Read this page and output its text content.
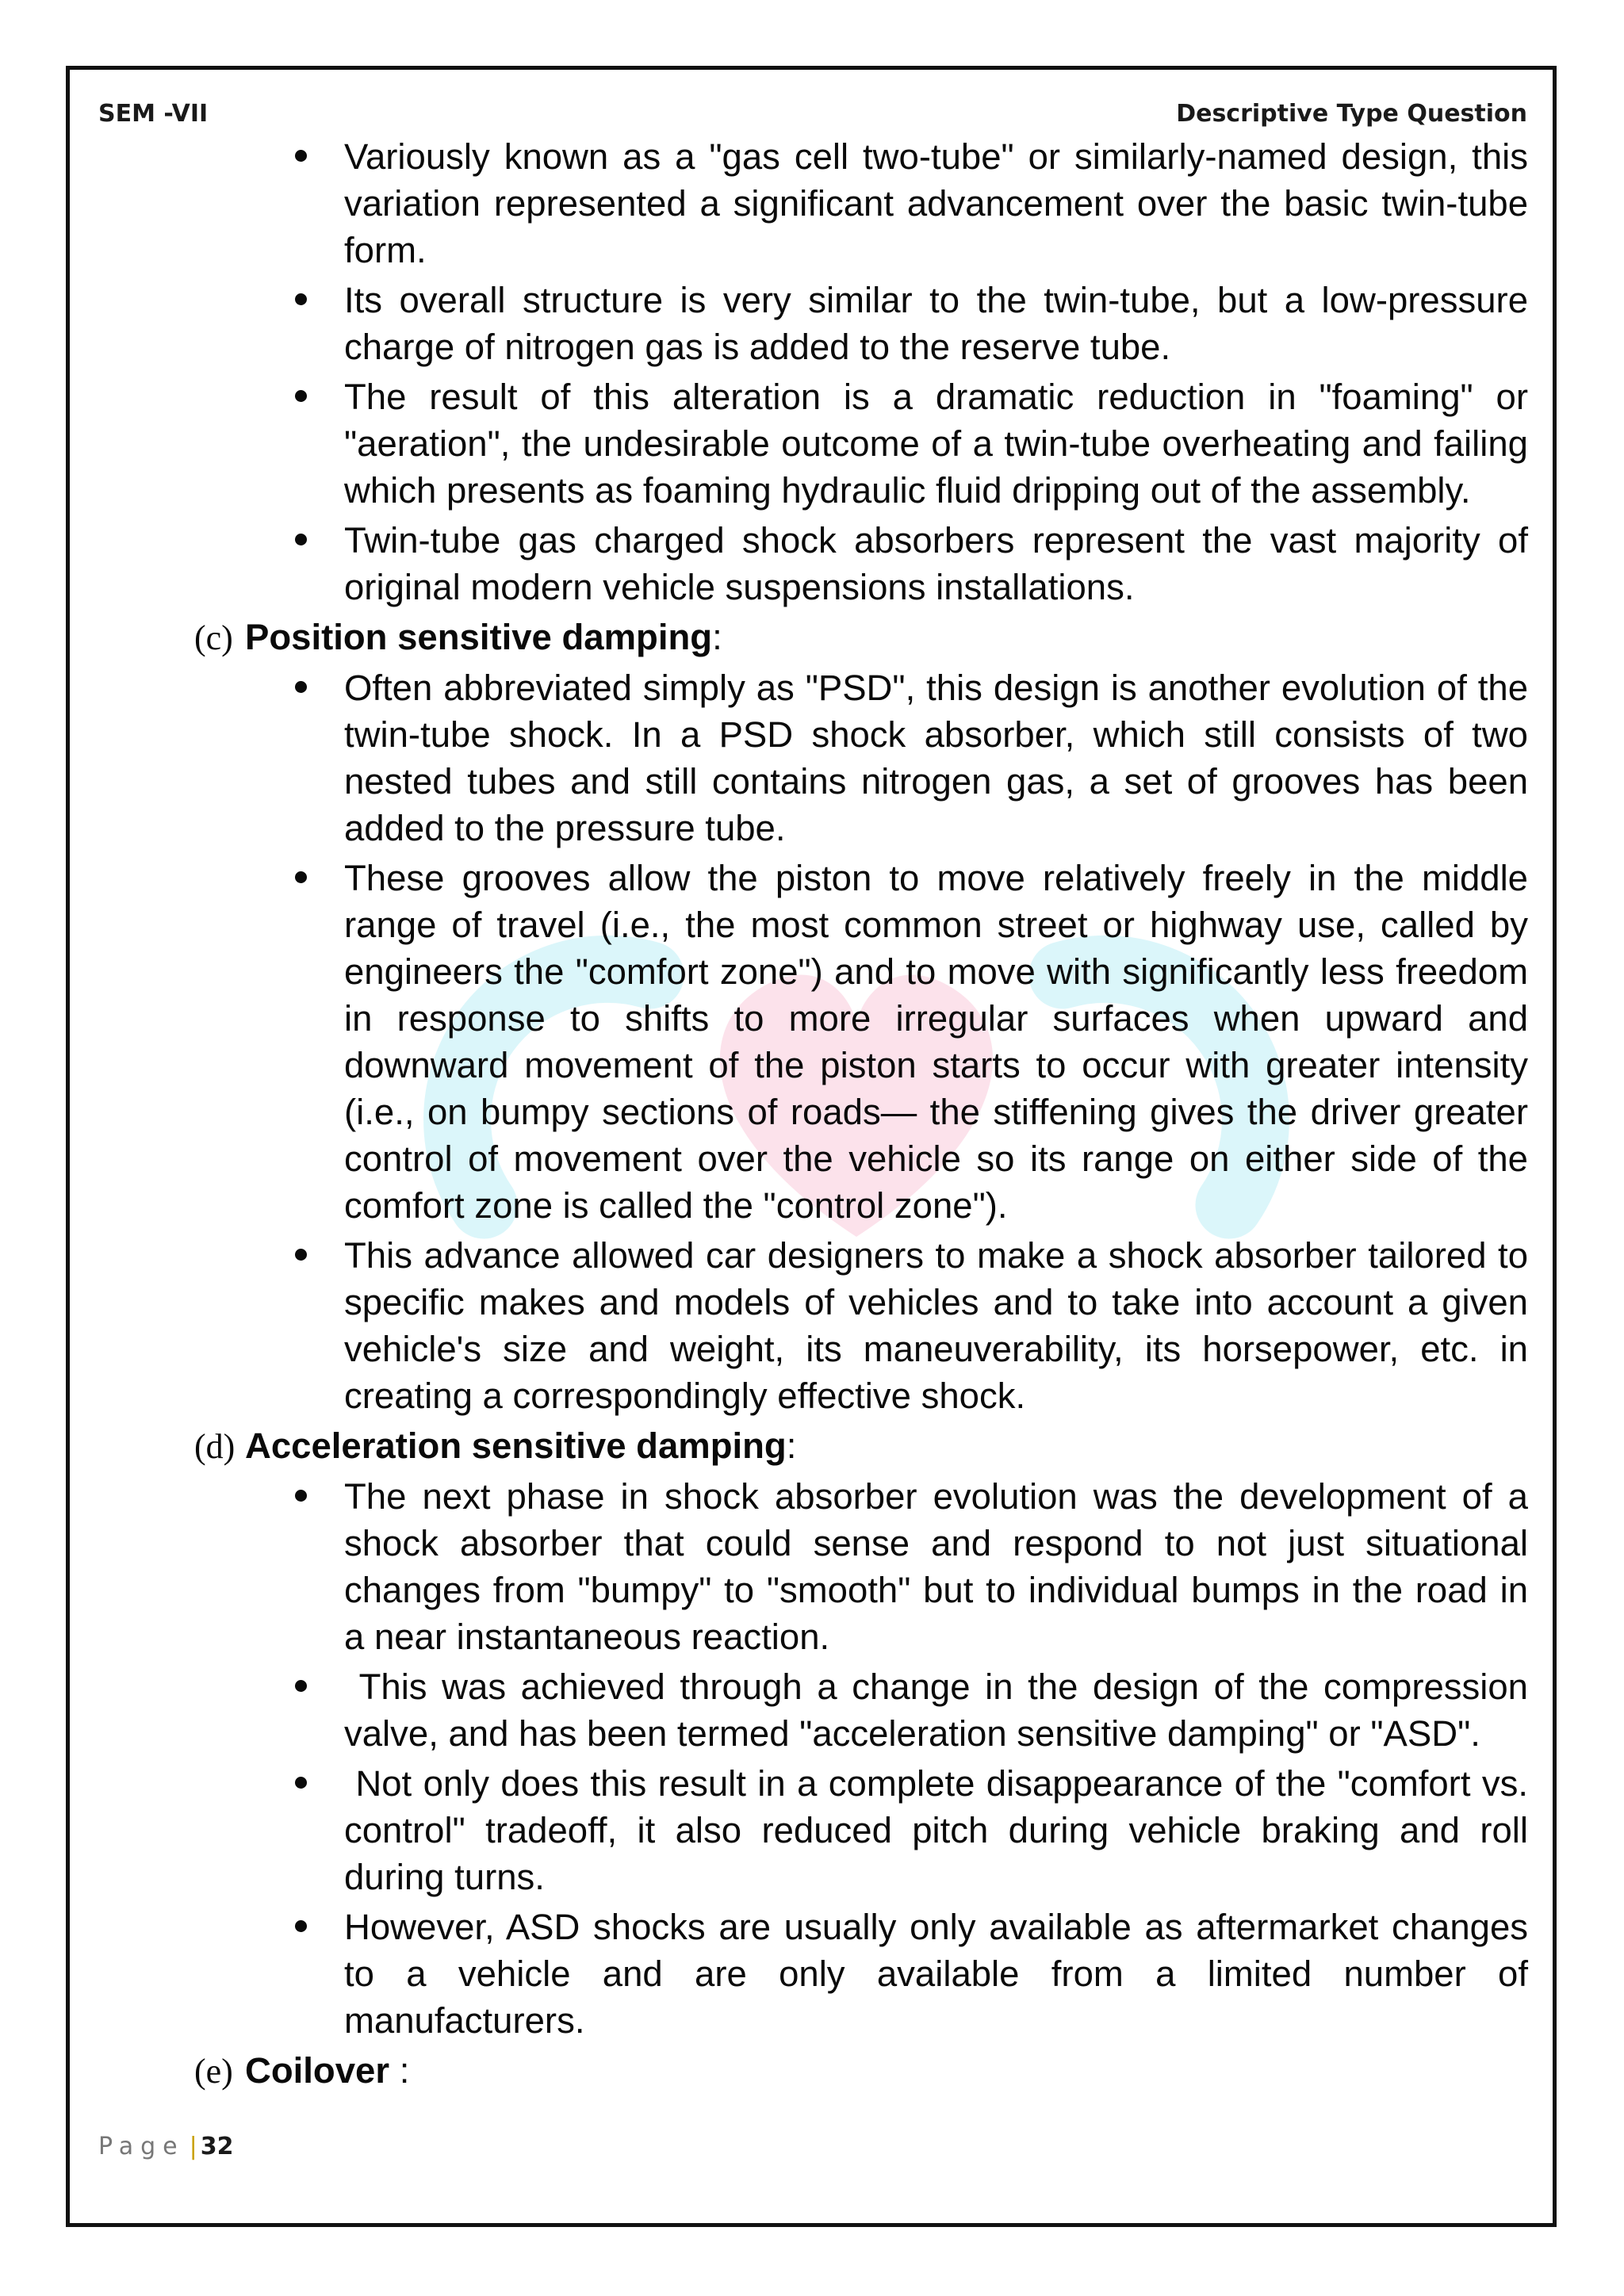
SEM -VII	Descriptive Type Question
Variously known as a "gas cell two-tube" or similarly-named design, this variation represented a significant advancement over the basic twin-tube form.
Its overall structure is very similar to the twin-tube, but a low-pressure charge of nitrogen gas is added to the reserve tube.
The result of this alteration is a dramatic reduction in "foaming" or "aeration", the undesirable outcome of a twin-tube overheating and failing which presents as foaming hydraulic fluid dripping out of the assembly.
Twin-tube gas charged shock absorbers represent the vast majority of original modern vehicle suspensions installations.
(c) Position sensitive damping:
Often abbreviated simply as "PSD", this design is another evolution of the twin-tube shock. In a PSD shock absorber, which still consists of two nested tubes and still contains nitrogen gas, a set of grooves has been added to the pressure tube.
These grooves allow the piston to move relatively freely in the middle range of travel (i.e., the most common street or highway use, called by engineers the "comfort zone") and to move with significantly less freedom in response to shifts to more irregular surfaces when upward and downward movement of the piston starts to occur with greater intensity (i.e., on bumpy sections of roads— the stiffening gives the driver greater control of movement over the vehicle so its range on either side of the comfort zone is called the "control zone").
This advance allowed car designers to make a shock absorber tailored to specific makes and models of vehicles and to take into account a given vehicle's size and weight, its maneuverability, its horsepower, etc. in creating a correspondingly effective shock.
(d) Acceleration sensitive damping:
The next phase in shock absorber evolution was the development of a shock absorber that could sense and respond to not just situational changes from "bumpy" to "smooth" but to individual bumps in the road in a near instantaneous reaction.
This was achieved through a change in the design of the compression valve, and has been termed "acceleration sensitive damping" or "ASD".
Not only does this result in a complete disappearance of the "comfort vs. control" tradeoff, it also reduced pitch during vehicle braking and roll during turns.
However, ASD shocks are usually only available as aftermarket changes to a vehicle and are only available from a limited number of manufacturers.
(e) Coilover :
Page | 32
